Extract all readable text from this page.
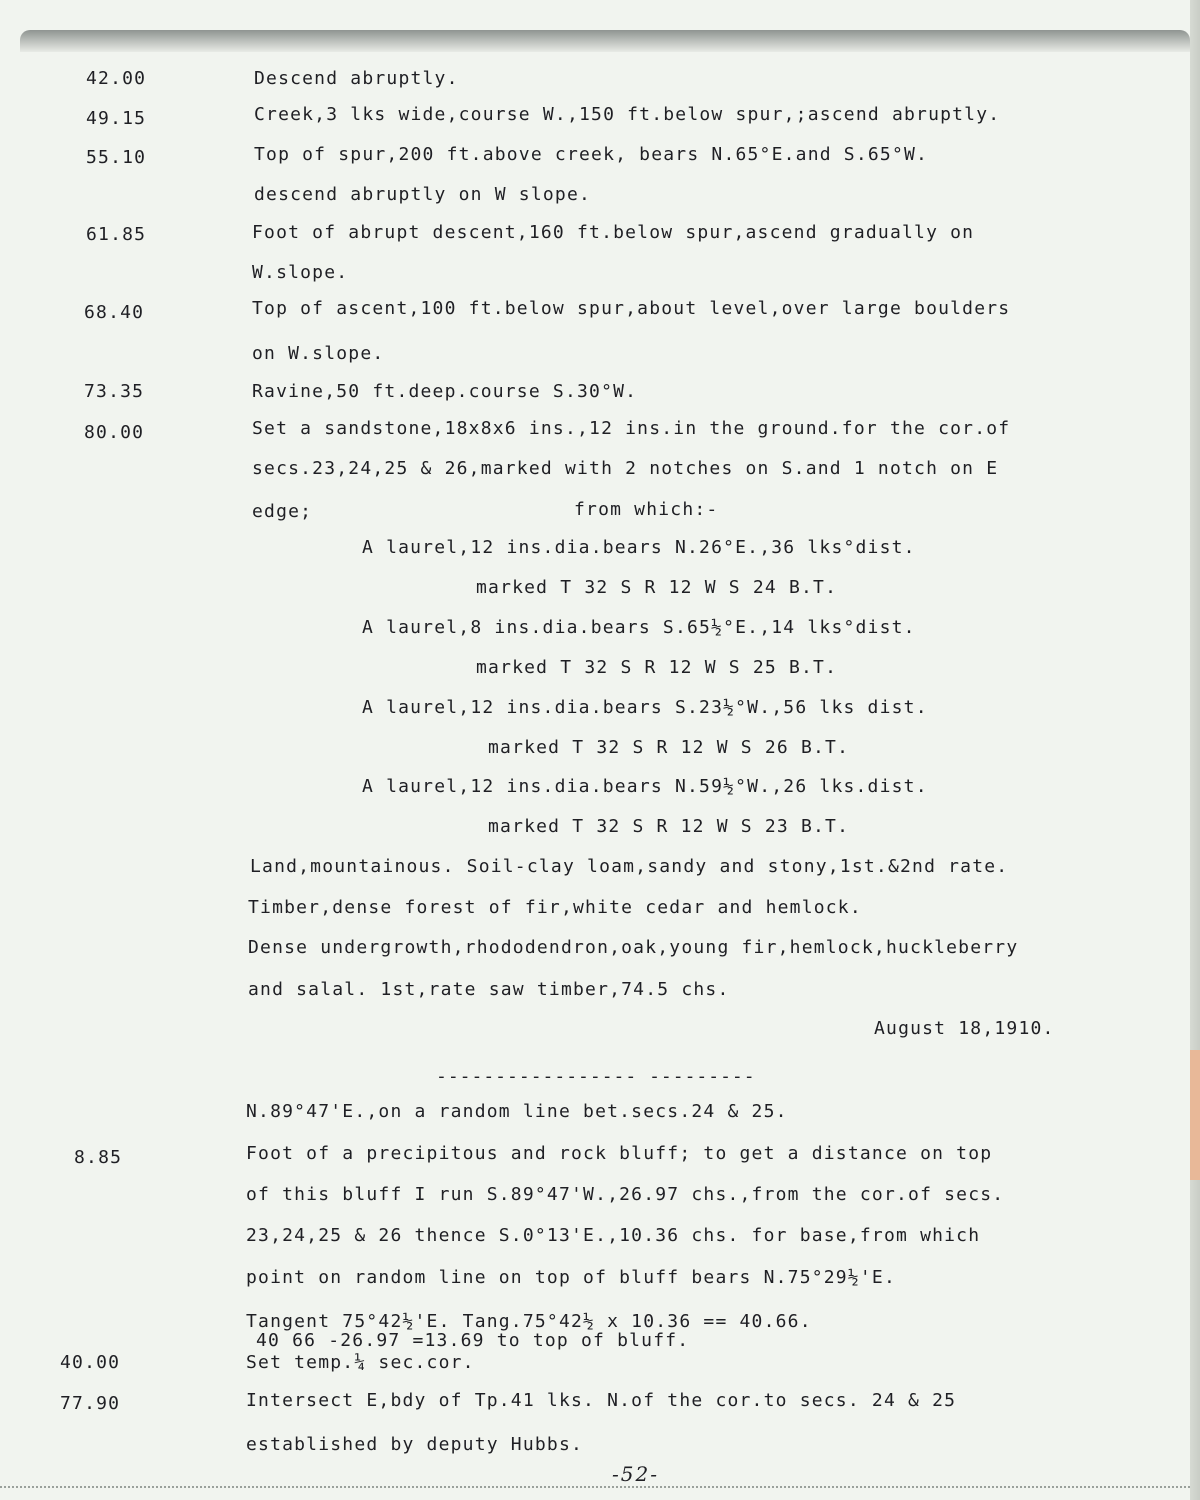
42.00
49.15
55.10
61.85
68.40
73.35
80.00
8.85
40.00
77.90
Descend abruptly.
Creek,3 lks wide,course W.,150 ft.below spur,;ascend abruptly.
Top of spur,200 ft.above creek, bears N.65°E.and S.65°W.
descend abruptly on W slope.
Foot of abrupt descent,160 ft.below spur,ascend gradually on
W.slope.
Top of ascent,100 ft.below spur,about level,over large boulders
on W.slope.
Ravine,50 ft.deep.course S.30°W.
Set a sandstone,18x8x6 ins.,12 ins.in the ground.for the cor.of
secs.23,24,25 & 26,marked with 2 notches on S.and 1 notch on E
edge;	from which:-
A laurel,12 ins.dia.bears N.26°E.,36 lks°dist.
marked T 32 S R 12 W S 24 B.T.
A laurel,8 ins.dia.bears S.65½°E.,14 lks°dist.
marked T 32 S R 12 W S 25 B.T.
A laurel,12 ins.dia.bears S.23½°W.,56 lks dist.
marked T 32 S R 12 W S 26 B.T.
A laurel,12 ins.dia.bears N.59½°W.,26 lks.dist.
marked T 32 S R 12 W S 23 B.T.
Land,mountainous. Soil-clay loam,sandy and stony,1st.&2nd rate.
Timber,dense forest of fir,white cedar and hemlock.
Dense undergrowth,rhododendron,oak,young fir,hemlock,huckleberry
and salal. 1st,rate saw timber,74.5 chs.
August 18,1910.
----------------- ---------
N.89°47'E.,on a random line bet.secs.24 & 25.
Foot of a precipitous and rock bluff; to get a distance on top
of this bluff I run S.89°47'W.,26.97 chs.,from the cor.of secs.
23,24,25 & 26 thence S.0°13'E.,10.36 chs. for base,from which
point on random line on top of bluff bears N.75°29½'E.
Tangent 75°42½'E. Tang.75°42½ x 10.36 == 40.66.
40 66 -26.97 =13.69 to top of bluff.
Set temp.¼ sec.cor.
Intersect E,bdy of Tp.41 lks. N.of the cor.to secs. 24 & 25
established by deputy Hubbs.
-52-
